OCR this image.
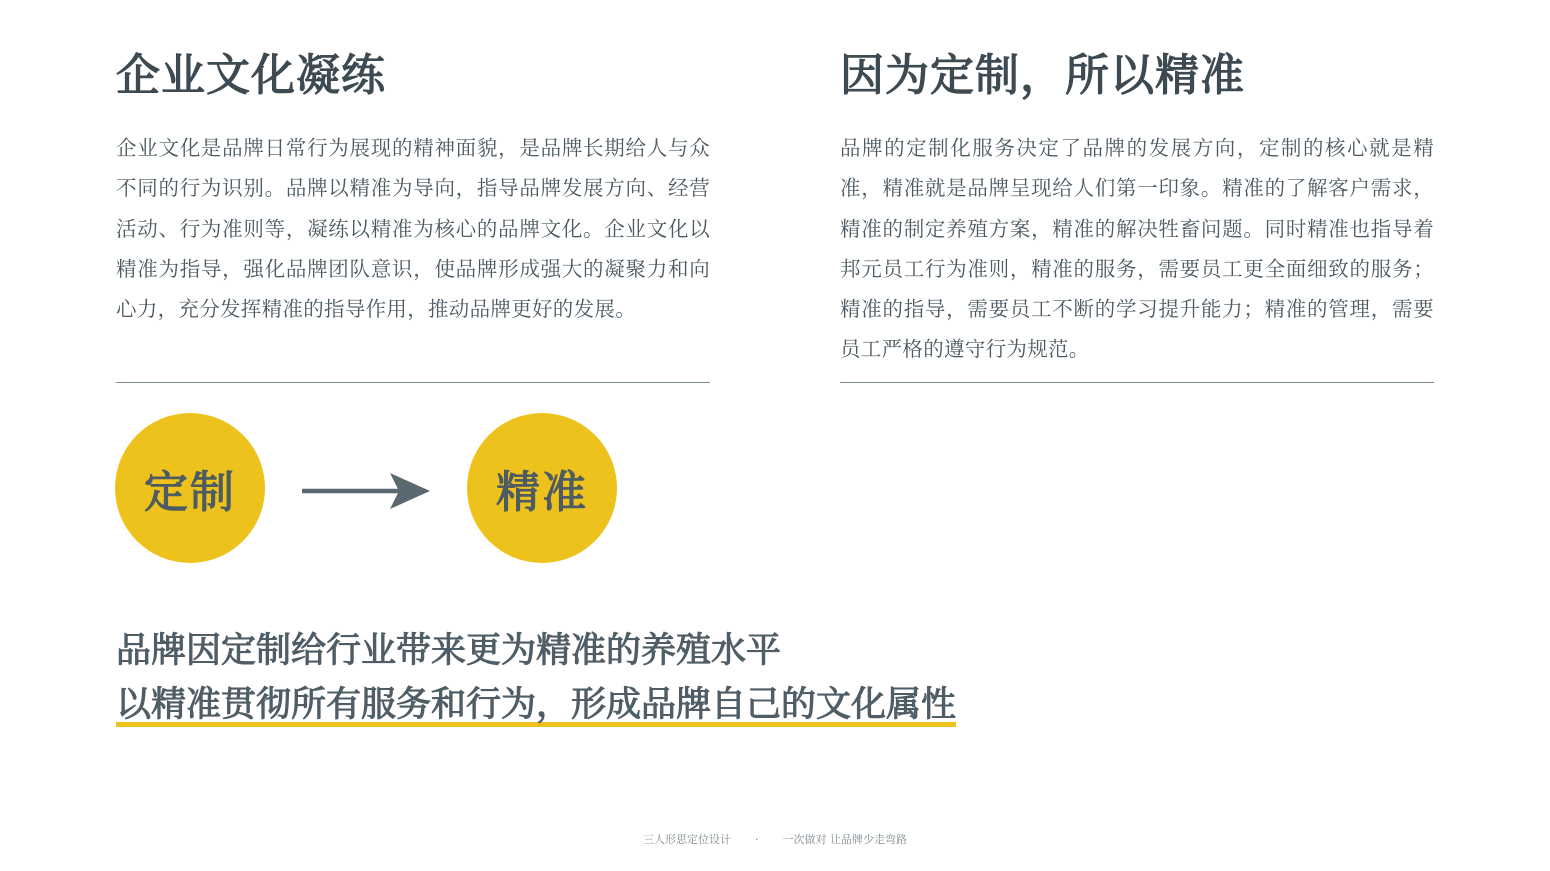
企业文化凝练

企业文化是品牌日常行为展现的精神面貌，是品牌长期给人与众不同的行为识别。品牌以精准为导向，指导品牌发展方向、经营活动、行为准则等，凝练以精准为核心的品牌文化。企业文化以精准为指导，强化品牌团队意识，使品牌形成强大的凝聚力和向心力，充分发挥精准的指导作用，推动品牌更好的发展。

因为定制，所以精准

品牌的定制化服务决定了品牌的发展方向，定制的核心就是精准，精准就是品牌呈现给人们第一印象。精准的了解客户需求，精准的制定养殖方案，精准的解决牲畜问题。同时精准也指导着邦元员工行为准则，精准的服务，需要员工更全面细致的服务；精准的指导，需要员工不断的学习提升能力；精准的管理，需要员工严格的遵守行为规范。

定制	精准
品牌因定制给行业带来更为精准的养殖水平
以精准贯彻所有服务和行为，形成品牌自己的文化属性
三人形思定位设计 · 一次做对 让品牌少走弯路
